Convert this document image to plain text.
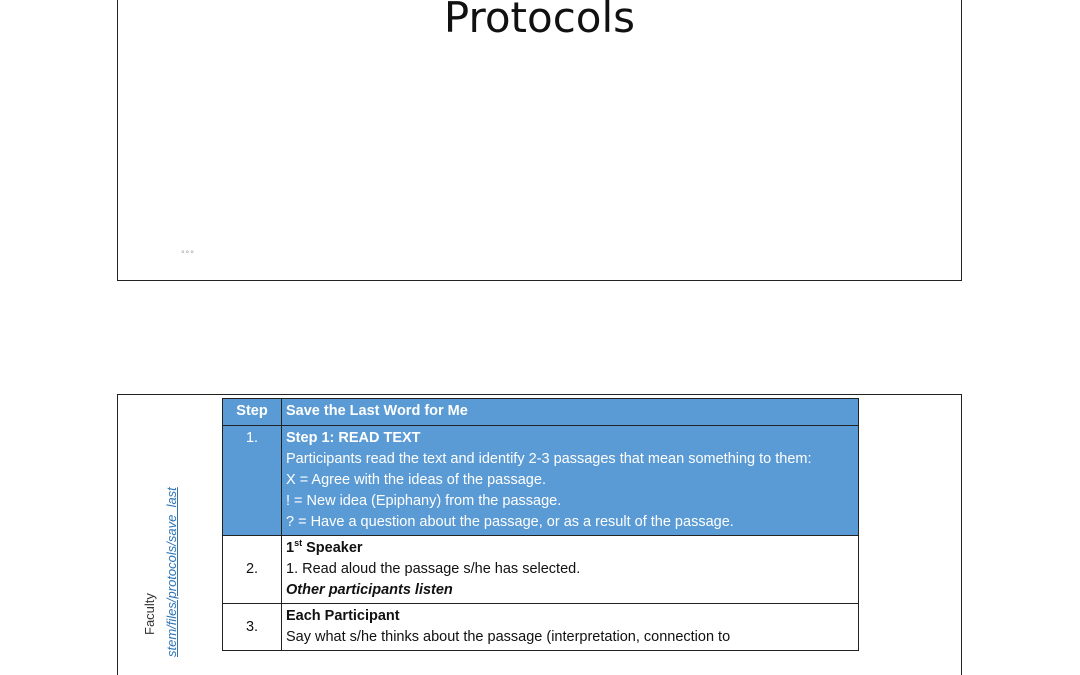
Protocols
°°°
Faculty stem/files/protocols/save_last
Step	Save the Last Word for Me
1.	Step 1: READ TEXT
Participants read the text and identify 2-3 passages that mean something to them:
X = Agree with the ideas of the passage.
! = New idea (Epiphany) from the passage.
? = Have a question about the passage, or as a result of the passage.

2.	1st Speaker
1. Read aloud the passage s/he has selected.
Other participants listen

3.	Each Participant
Say what s/he thinks about the passage (interpretation, connection to
